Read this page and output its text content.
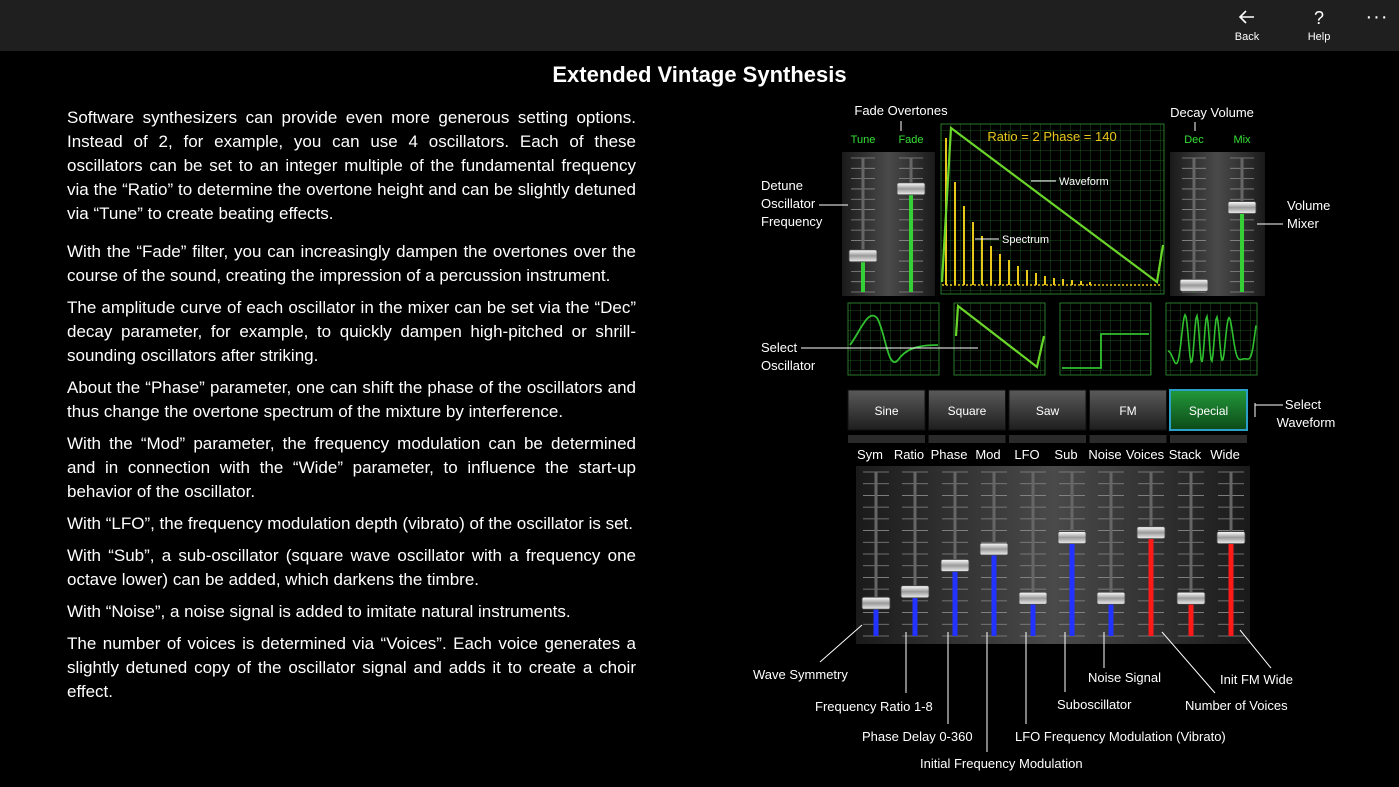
Back
?
Help
···
Extended Vintage Synthesis

Software synthesizers can provide even more generous setting options. Instead of 2, for example, you can use 4 oscillators. Each of these oscillators can be set to an integer multiple of the fundamental frequency via the “Ratio” to determine the overtone height and can be slightly detuned via “Tune” to create beating effects.

With the “Fade” filter, you can increasingly dampen the overtones over the course of the sound, creating the impression of a percussion instrument.

The amplitude curve of each oscillator in the mixer can be set via the “Dec” decay parameter, for example, to quickly dampen high-pitched or shrill-sounding oscillators after striking.

About the “Phase” parameter, one can shift the phase of the oscillators and thus change the overtone spectrum of the mixture by interference.

With the “Mod” parameter, the frequency modulation can be determined and in connection with the “Wide” parameter, to influence the start-up behavior of the oscillator.

With “LFO”, the frequency modulation depth (vibrato) of the oscillator is set.

With “Sub”, a sub-oscillator (square wave oscillator with a frequency one octave lower) can be added, which darkens the timbre.

With “Noise”, a noise signal is added to imitate natural instruments.

The number of voices is determined via “Voices”. Each voice generates a slightly detuned copy of the oscillator signal and adds it to create a choir effect.

Fade Overtones	Decay Volume
Tune Fade	Dec	Mix
Ratio = 2 Phase = 140
Waveform
Spectrum
Detune
Oscillator
Frequency
Volume
Mixer
Select
Oscillator
Sine	Square	Saw	FM	Special	Select
Waveform
Sym Ratio Phase Mod LFO Sub Noise Voices Stack Wide
Wave Symmetry
Frequency Ratio 1-8
Phase Delay 0-360
Initial Frequency Modulation
LFO Frequency Modulation (Vibrato)
Suboscillator
Noise Signal
Number of Voices
Init FM Wide
